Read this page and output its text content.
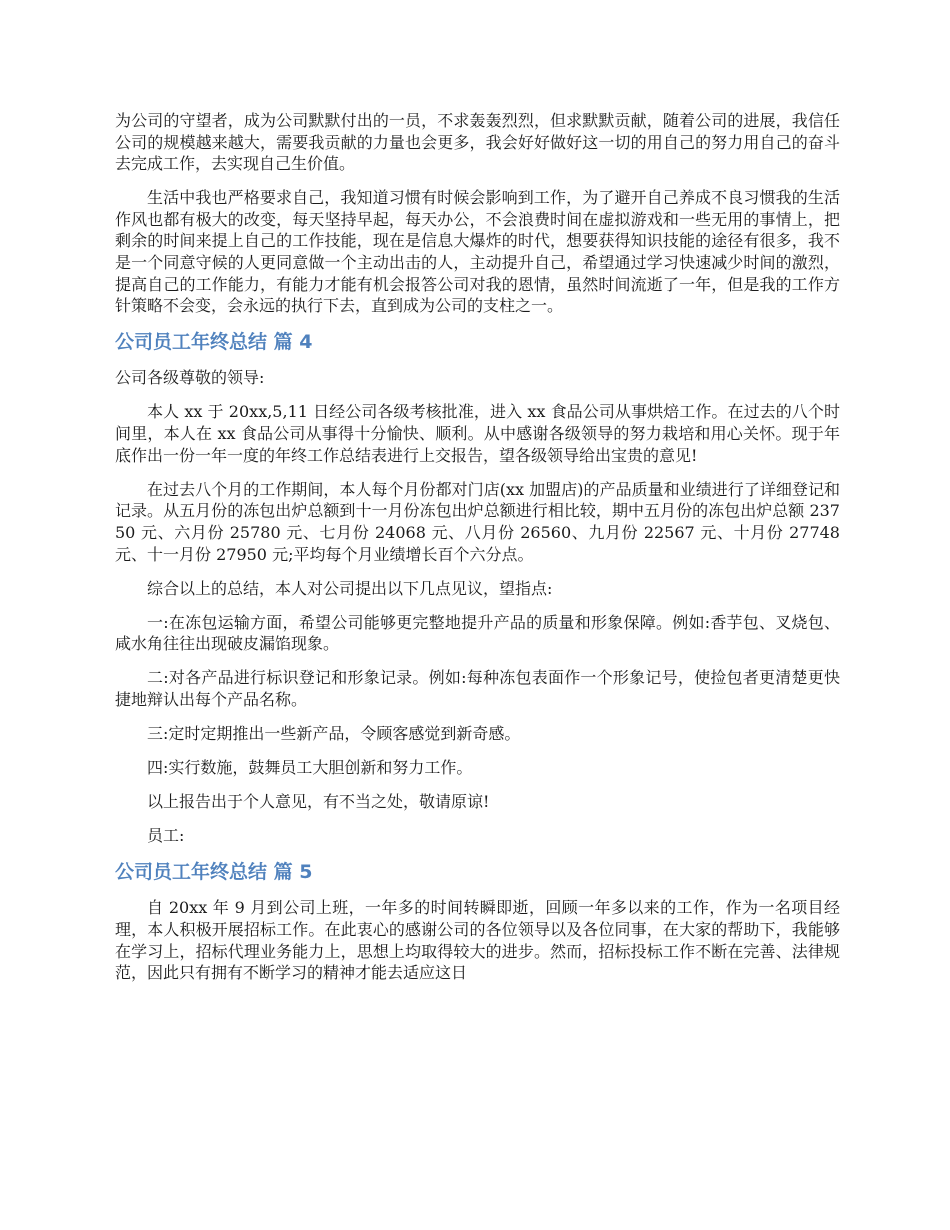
为公司的守望者，成为公司默默付出的一员，不求轰轰烈烈，但求默默贡献，随着公司的进展，我信任公司的规模越来越大，需要我贡献的力量也会更多，我会好好做好这一切的用自己的努力用自己的奋斗去完成工作，去实现自己生价值。

生活中我也严格要求自己，我知道习惯有时候会影响到工作，为了避开自己养成不良习惯我的生活作风也都有极大的改变，每天坚持早起，每天办公，不会浪费时间在虚拟游戏和一些无用的事情上，把剩余的时间来提上自己的工作技能，现在是信息大爆炸的时代，想要获得知识技能的途径有很多，我不是一个同意守候的人更同意做一个主动出击的人，主动提升自己，希望通过学习快速减少时间的激烈，提高自己的工作能力，有能力才能有机会报答公司对我的恩情，虽然时间流逝了一年，但是我的工作方针策略不会变，会永远的执行下去，直到成为公司的支柱之一。

公司员工年终总结 篇 4

公司各级尊敬的领导:

本人 xx 于 20xx,5,11 日经公司各级考核批准，进入 xx 食品公司从事烘焙工作。在过去的八个时间里，本人在 xx 食品公司从事得十分愉快、顺利。从中感谢各级领导的努力栽培和用心关怀。现于年底作出一份一年一度的年终工作总结表进行上交报告，望各级领导给出宝贵的意见!

在过去八个月的工作期间，本人每个月份都对门店(xx 加盟店)的产品质量和业绩进行了详细登记和记录。从五月份的冻包出炉总额到十一月份冻包出炉总额进行相比较，期中五月份的冻包出炉总额 23750 元、六月份 25780 元、七月份 24068 元、八月份 26560、九月份 22567 元、十月份 27748 元、十一月份 27950 元;平均每个月业绩增长百个六分点。

综合以上的总结，本人对公司提出以下几点见议，望指点:

一:在冻包运输方面，希望公司能够更完整地提升产品的质量和形象保障。例如:香芋包、叉烧包、咸水角往往出现破皮漏馅现象。

二:对各产品进行标识登记和形象记录。例如:每种冻包表面作一个形象记号，使捡包者更清楚更快捷地辩认出每个产品名称。

三:定时定期推出一些新产品，令顾客感觉到新奇感。

四:实行数施，鼓舞员工大胆创新和努力工作。

以上报告出于个人意见，有不当之处，敬请原谅!

员工:

公司员工年终总结 篇 5

自 20xx 年 9 月到公司上班，一年多的时间转瞬即逝，回顾一年多以来的工作，作为一名项目经理，本人积极开展招标工作。在此衷心的感谢公司的各位领导以及各位同事，在大家的帮助下，我能够在学习上，招标代理业务能力上，思想上均取得较大的进步。然而，招标投标工作不断在完善、法律规范，因此只有拥有不断学习的精神才能去适应这日
